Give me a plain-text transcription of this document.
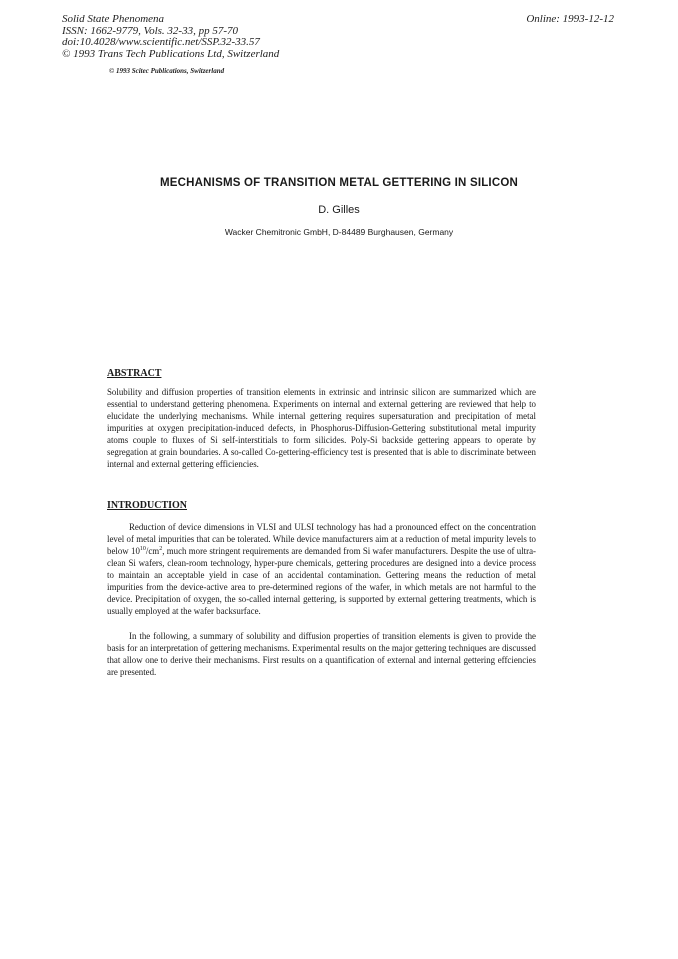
Solid State Phenomena
ISSN: 1662-9779, Vols. 32-33, pp 57-70
doi:10.4028/www.scientific.net/SSP.32-33.57
© 1993 Trans Tech Publications Ltd, Switzerland
Online: 1993-12-12
© 1993 Scitec Publications, Switzerland
MECHANISMS OF TRANSITION METAL GETTERING IN SILICON
D. Gilles
Wacker Chemitronic GmbH, D-84489 Burghausen, Germany
ABSTRACT

Solubility and diffusion properties of transition elements in extrinsic and intrinsic silicon are summarized which are essential to understand gettering phenomena. Experiments on internal and external gettering are reviewed that help to elucidate the underlying mechanisms. While internal gettering requires supersaturation and precipitation of metal impurities at oxygen precipitation-induced defects, in Phosphorus-Diffusion-Gettering substitutional metal impurity atoms couple to fluxes of Si self-interstitials to form silicides. Poly-Si backside gettering appears to operate by segregation at grain boundaries. A so-called Co-gettering-efficiency test is presented that is able to discriminate between internal and external gettering efficiencies.

INTRODUCTION

Reduction of device dimensions in VLSI and ULSI technology has had a pronounced effect on the concentration level of metal impurities that can be tolerated. While device manufacturers aim at a reduction of metal impurity levels to below $10^{10}/cm^2$, much more stringent requirements are demanded from Si wafer manufacturers. Despite the use of ultra-clean Si wafers, clean-room technology, hyper-pure chemicals, gettering procedures are designed into a device process to maintain an acceptable yield in case of an accidental contamination. Gettering means the reduction of metal impurities from the device-active area to pre-determined regions of the wafer, in which metals are not harmful to the device. Precipitation of oxygen, the so-called internal gettering, is supported by external gettering treatments, which is usually employed at the wafer backsurface.

In the following, a summary of solubility and diffusion properties of transition elements is given to provide the basis for an interpretation of gettering mechanisms. Experimental results on the major gettering techniques are discussed that allow one to derive their mechanisms. First results on a quantification of external and internal gettering effciencies are presented.
